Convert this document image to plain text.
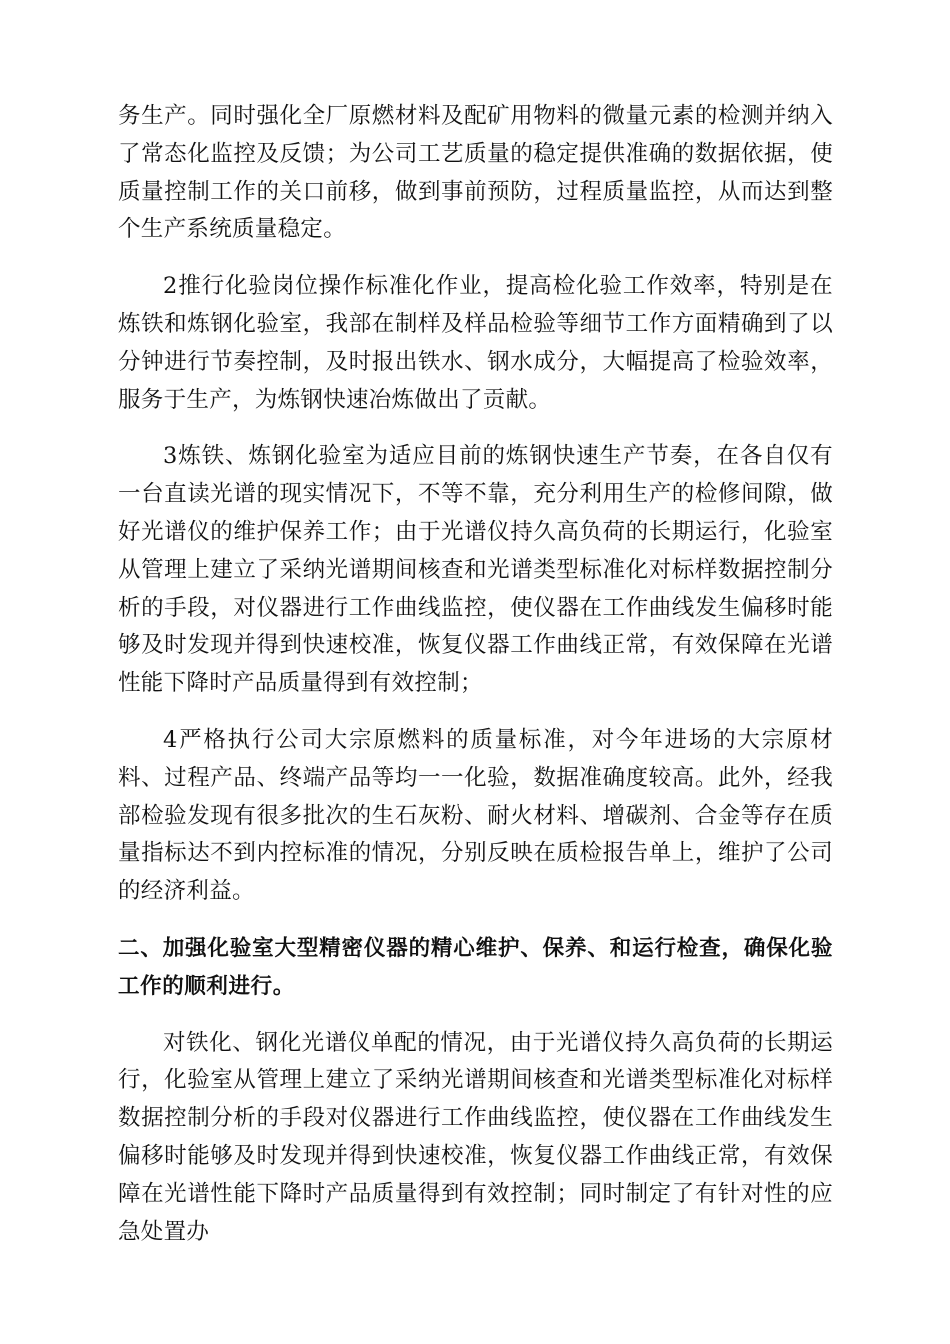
务生产。同时强化全厂原燃材料及配矿用物料的微量元素的检测并纳入了常态化监控及反馈；为公司工艺质量的稳定提供准确的数据依据，使质量控制工作的关口前移，做到事前预防，过程质量监控，从而达到整个生产系统质量稳定。

2推行化验岗位操作标准化作业，提高检化验工作效率，特别是在炼铁和炼钢化验室，我部在制样及样品检验等细节工作方面精确到了以分钟进行节奏控制，及时报出铁水、钢水成分，大幅提高了检验效率，服务于生产，为炼钢快速冶炼做出了贡献。

3炼铁、炼钢化验室为适应目前的炼钢快速生产节奏，在各自仅有一台直读光谱的现实情况下，不等不靠，充分利用生产的检修间隙，做好光谱仪的维护保养工作；由于光谱仪持久高负荷的长期运行，化验室从管理上建立了采纳光谱期间核查和光谱类型标准化对标样数据控制分析的手段，对仪器进行工作曲线监控，使仪器在工作曲线发生偏移时能够及时发现并得到快速校准，恢复仪器工作曲线正常，有效保障在光谱性能下降时产品质量得到有效控制；

4严格执行公司大宗原燃料的质量标准，对今年进场的大宗原材料、过程产品、终端产品等均一一化验，数据准确度较高。此外，经我部检验发现有很多批次的生石灰粉、耐火材料、增碳剂、合金等存在质量指标达不到内控标准的情况，分别反映在质检报告单上，维护了公司的经济利益。

二、加强化验室大型精密仪器的精心维护、保养、和运行检查，确保化验工作的顺利进行。

对铁化、钢化光谱仪单配的情况，由于光谱仪持久高负荷的长期运行，化验室从管理上建立了采纳光谱期间核查和光谱类型标准化对标样数据控制分析的手段对仪器进行工作曲线监控，使仪器在工作曲线发生偏移时能够及时发现并得到快速校准，恢复仪器工作曲线正常，有效保障在光谱性能下降时产品质量得到有效控制；同时制定了有针对性的应急处置办
